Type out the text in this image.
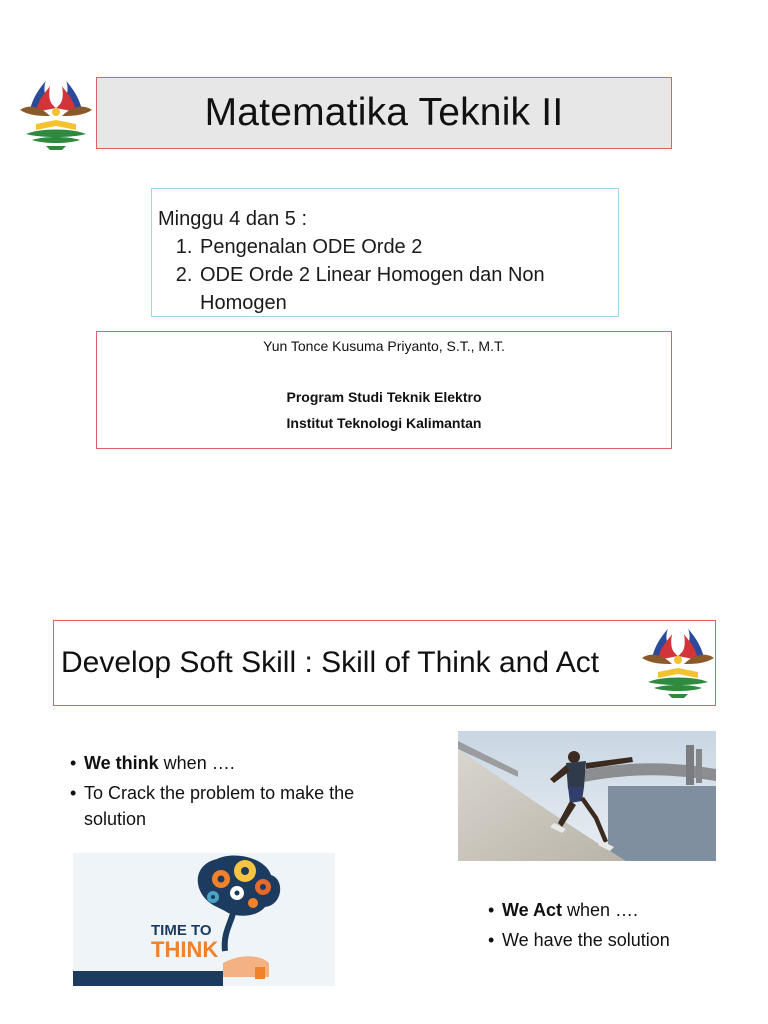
Matematika Teknik II
Minggu 4 dan 5 :
1. Pengenalan ODE Orde 2
2. ODE Orde 2 Linear Homogen dan Non Homogen
Yun Tonce Kusuma Priyanto, S.T., M.T.
Program Studi Teknik Elektro
Institut Teknologi Kalimantan
Develop Soft Skill : Skill of Think and Act
• We think when ….
• To Crack the problem to make the solution
TIME TO
THINK
• We Act when ….
• We have the solution
